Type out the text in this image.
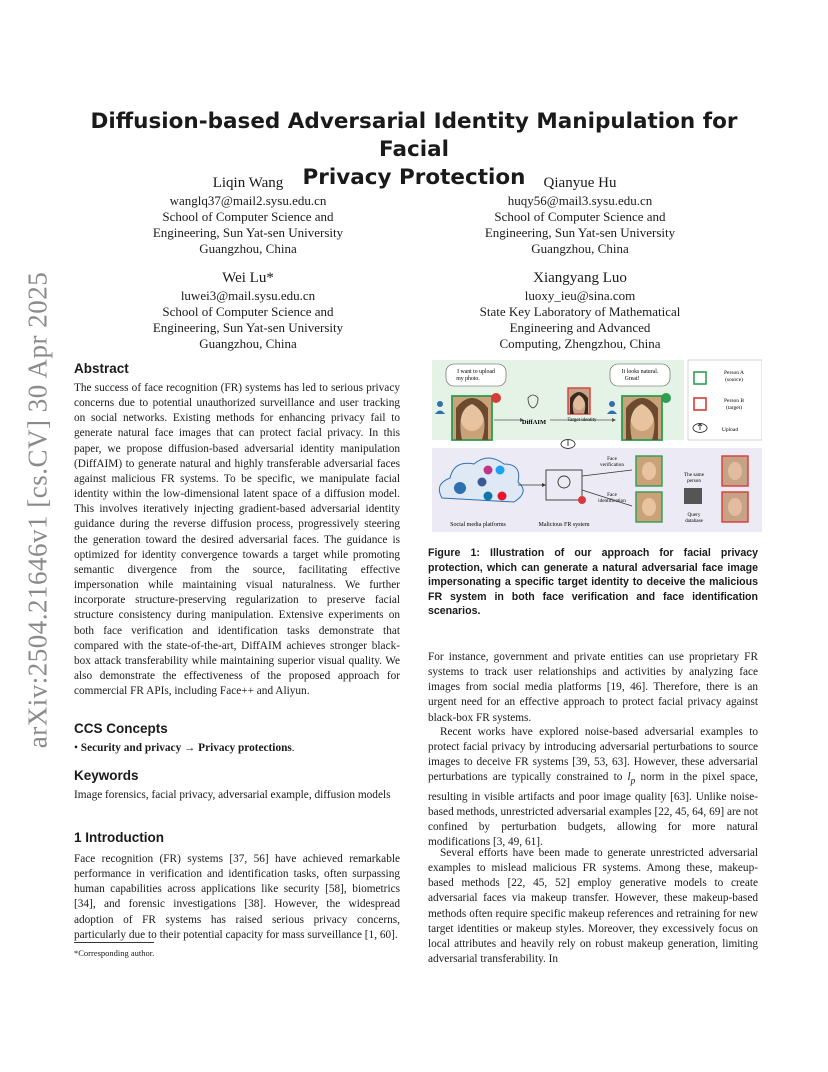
arXiv:2504.21646v1 [cs.CV] 30 Apr 2025
Diffusion-based Adversarial Identity Manipulation for Facial
Privacy Protection
Liqin Wang
wanglq37@mail2.sysu.edu.cn
School of Computer Science and
Engineering, Sun Yat-sen University
Guangzhou, China
Qianyue Hu
huqy56@mail3.sysu.edu.cn
School of Computer Science and
Engineering, Sun Yat-sen University
Guangzhou, China
Wei Lu*
luwei3@mail.sysu.edu.cn
School of Computer Science and
Engineering, Sun Yat-sen University
Guangzhou, China
Xiangyang Luo
luoxy_ieu@sina.com
State Key Laboratory of Mathematical
Engineering and Advanced
Computing, Zhengzhou, China
Abstract
The success of face recognition (FR) systems has led to serious privacy concerns due to potential unauthorized surveillance and user tracking on social networks. Existing methods for enhancing privacy fail to generate natural face images that can protect facial privacy. In this paper, we propose diffusion-based adversarial identity manipulation (DiffAIM) to generate natural and highly transferable adversarial faces against malicious FR systems. To be specific, we manipulate facial identity within the low-dimensional latent space of a diffusion model. This involves iteratively injecting gradient-based adversarial identity guidance during the reverse diffusion process, progressively steering the generation toward the desired adversarial faces. The guidance is optimized for identity convergence towards a target while promoting semantic divergence from the source, facilitating effective impersonation while maintaining visual naturalness. We further incorporate structure-preserving regularization to preserve facial structure consistency during manipulation. Extensive experiments on both face verification and identification tasks demonstrate that compared with the state-of-the-art, DiffAIM achieves stronger black-box attack transferability while maintaining superior visual quality. We also demonstrate the effectiveness of the proposed approach for commercial FR APIs, including Face++ and Aliyun.
CCS Concepts
• Security and privacy → Privacy protections.
Keywords
Image forensics, facial privacy, adversarial example, diffusion models
1 Introduction
Face recognition (FR) systems [37, 56] have achieved remarkable performance in verification and identification tasks, often surpassing human capabilities across applications like security [58], biometrics [34], and forensic investigations [38]. However, the widespread adoption of FR systems has raised serious privacy concerns, particularly due to their potential capacity for mass surveillance [1, 60].
*Corresponding author.
Person A (source)
Person B (target)
Upload
I want to upload my photo.
It looks natural. Great!
DiffAIM	Target identity
Social media platforms	Malicious FR system
Face verification
The same person
Face identification
Query database
Figure 1: Illustration of our approach for facial privacy protection, which can generate a natural adversarial face image impersonating a specific target identity to deceive the malicious FR system in both face verification and face identification scenarios.
For instance, government and private entities can use proprietary FR systems to track user relationships and activities by analyzing face images from social media platforms [19, 46]. Therefore, there is an urgent need for an effective approach to protect facial privacy against black-box FR systems.
Recent works have explored noise-based adversarial examples to protect facial privacy by introducing adversarial perturbations to source images to deceive FR systems [39, 53, 63]. However, these adversarial perturbations are typically constrained to $l_p$ norm in the pixel space, resulting in visible artifacts and poor image quality [63]. Unlike noise-based methods, unrestricted adversarial examples [22, 45, 64, 69] are not confined by perturbation budgets, allowing for more natural modifications [3, 49, 61].
Several efforts have been made to generate unrestricted adversarial examples to mislead malicious FR systems. Among these, makeup-based methods [22, 45, 52] employ generative models to create adversarial faces via makeup transfer. However, these makeup-based methods often require specific makeup references and retraining for new target identities or makeup styles. Moreover, they excessively focus on local attributes and heavily rely on robust makeup generation, limiting adversarial transferability. In
